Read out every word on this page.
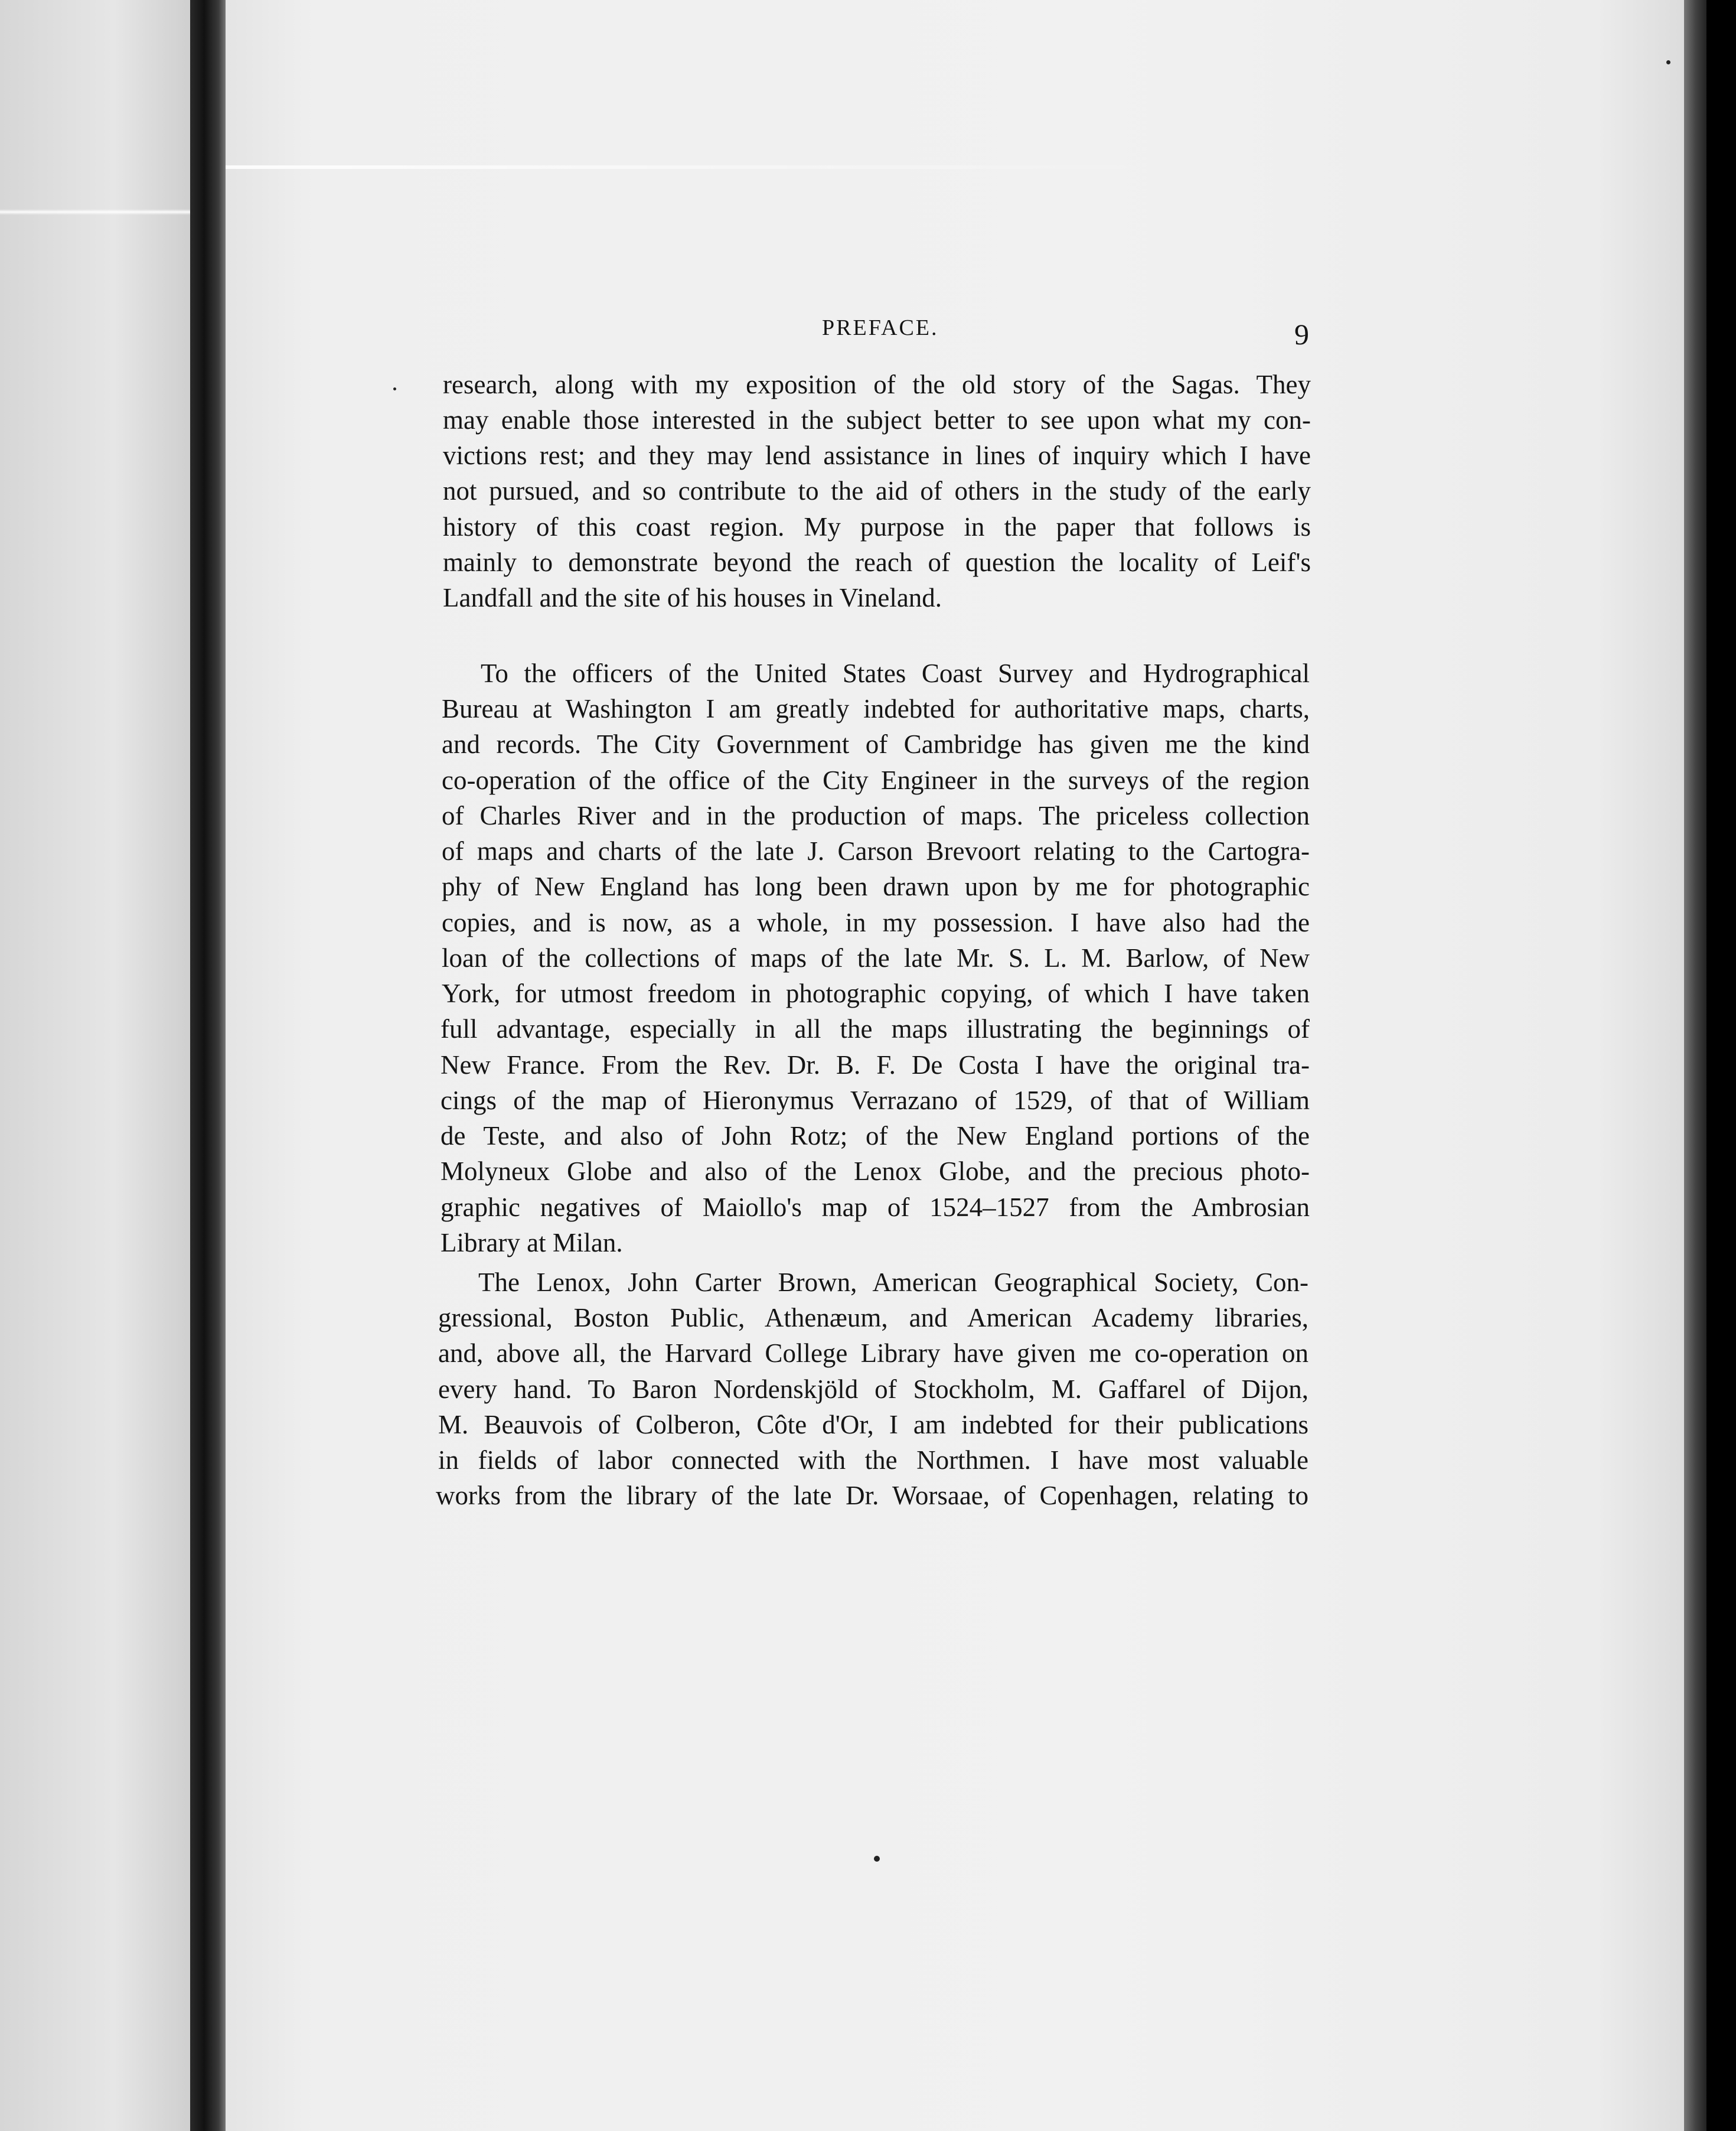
PREFACE.	9
research, along with my exposition of the old story of the Sagas. They
may enable those interested in the subject better to see upon what my con-
victions rest; and they may lend assistance in lines of inquiry which I have
not pursued, and so contribute to the aid of others in the study of the early
history of this coast region. My purpose in the paper that follows is
mainly to demonstrate beyond the reach of question the locality of Leif's
Landfall and the site of his houses in Vineland.
To the officers of the United States Coast Survey and Hydrographical
Bureau at Washington I am greatly indebted for authoritative maps, charts,
and records. The City Government of Cambridge has given me the kind
co-operation of the office of the City Engineer in the surveys of the region
of Charles River and in the production of maps. The priceless collection
of maps and charts of the late J. Carson Brevoort relating to the Cartogra-
phy of New England has long been drawn upon by me for photographic
copies, and is now, as a whole, in my possession. I have also had the
loan of the collections of maps of the late Mr. S. L. M. Barlow, of New
York, for utmost freedom in photographic copying, of which I have taken
full advantage, especially in all the maps illustrating the beginnings of
New France. From the Rev. Dr. B. F. De Costa I have the original tra-
cings of the map of Hieronymus Verrazano of 1529, of that of William
de Teste, and also of John Rotz; of the New England portions of the
Molyneux Globe and also of the Lenox Globe, and the precious photo-
graphic negatives of Maiollo's map of 1524–1527 from the Ambrosian
Library at Milan.
The Lenox, John Carter Brown, American Geographical Society, Con-
gressional, Boston Public, Athenæum, and American Academy libraries,
and, above all, the Harvard College Library have given me co-operation on
every hand. To Baron Nordenskjöld of Stockholm, M. Gaffarel of Dijon,
M. Beauvois of Colberon, Côte d'Or, I am indebted for their publications
in fields of labor connected with the Northmen. I have most valuable
works from the library of the late Dr. Worsaae, of Copenhagen, relating to
